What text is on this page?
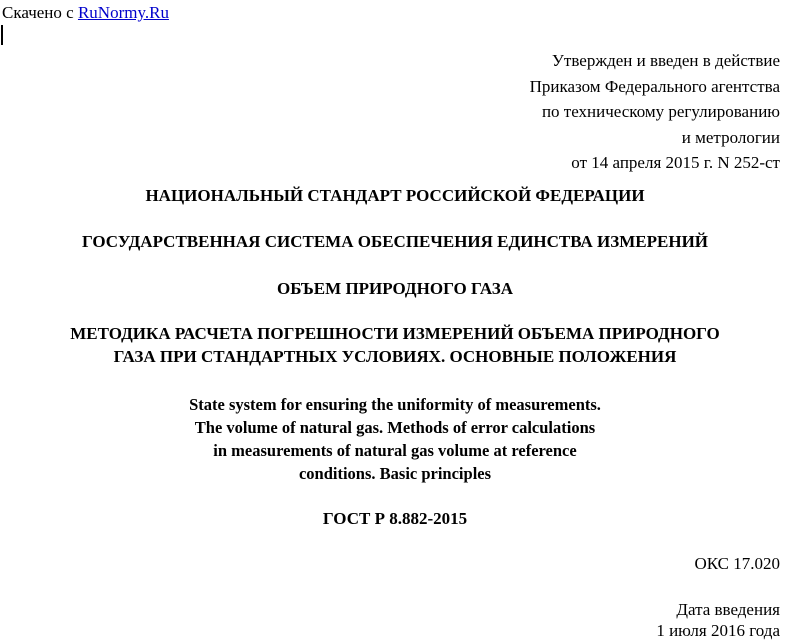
Скачено с RuNormy.Ru
Утвержден и введен в действие
Приказом Федерального агентства
по техническому регулированию
и метрологии
от 14 апреля 2015 г. N 252-ст
НАЦИОНАЛЬНЫЙ СТАНДАРТ РОССИЙСКОЙ ФЕДЕРАЦИИ
ГОСУДАРСТВЕННАЯ СИСТЕМА ОБЕСПЕЧЕНИЯ ЕДИНСТВА ИЗМЕРЕНИЙ
ОБЪЕМ ПРИРОДНОГО ГАЗА
МЕТОДИКА РАСЧЕТА ПОГРЕШНОСТИ ИЗМЕРЕНИЙ ОБЪЕМА ПРИРОДНОГО
ГАЗА ПРИ СТАНДАРТНЫХ УСЛОВИЯХ. ОСНОВНЫЕ ПОЛОЖЕНИЯ
State system for ensuring the uniformity of measurements.
The volume of natural gas. Methods of error calculations
in measurements of natural gas volume at reference
conditions. Basic principles
ГОСТ Р 8.882-2015
ОКС 17.020
Дата введения
1 июля 2016 года
